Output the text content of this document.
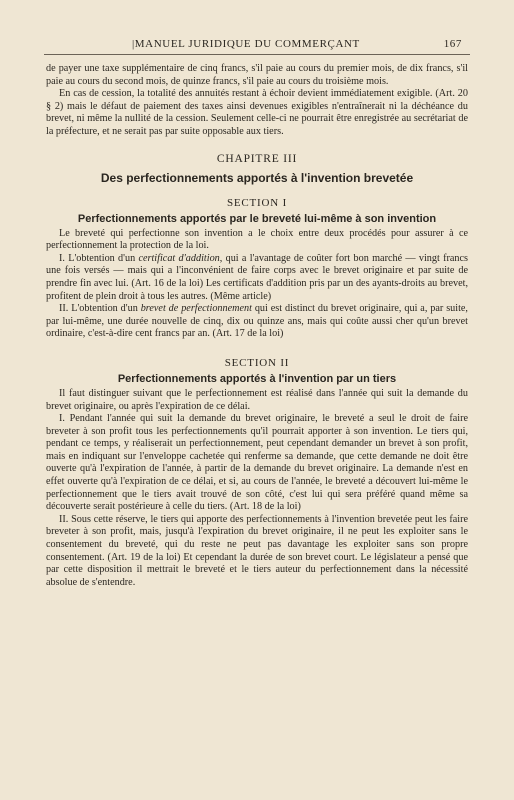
|MANUEL JURIDIQUE DU COMMERÇANT	167

de payer une taxe supplémentaire de cinq francs, s'il paie au cours du premier mois, de dix francs, s'il paie au cours du second mois, de quinze francs, s'il paie au cours du troisième mois.

En cas de cession, la totalité des annuités restant à échoir devient immédiatement exigible. (Art. 20 § 2) mais le défaut de paiement des taxes ainsi devenues exigibles n'entraînerait ni la déchéance du brevet, ni même la nullité de la cession. Seulement celle-ci ne pourrait être enregistrée au secrétariat de la préfecture, et ne serait pas par suite opposable aux tiers.

CHAPITRE III
Des perfectionnements apportés à l'invention brevetée
SECTION I
Perfectionnements apportés par le breveté lui-même à son invention

Le breveté qui perfectionne son invention a le choix entre deux procédés pour assurer à ce perfectionnement la protection de la loi.

I. L'obtention d'un certificat d'addition, qui a l'avantage de coûter fort bon marché — vingt francs une fois versés — mais qui a l'inconvénient de faire corps avec le brevet originaire et par suite de prendre fin avec lui. (Art. 16 de la loi) Les certificats d'addition pris par un des ayants-droits au brevet, profitent de plein droit à tous les autres. (Même article)

II. L'obtention d'un brevet de perfectionnement qui est distinct du brevet originaire, qui a, par suite, par lui-même, une durée nouvelle de cinq, dix ou quinze ans, mais qui coûte aussi cher qu'un brevet ordinaire, c'est-à-dire cent francs par an. (Art. 17 de la loi)

SECTION II
Perfectionnements apportés à l'invention par un tiers

Il faut distinguer suivant que le perfectionnement est réalisé dans l'année qui suit la demande du brevet originaire, ou après l'expiration de ce délai.

I. Pendant l'année qui suit la demande du brevet originaire, le breveté a seul le droit de faire breveter à son profit tous les perfectionnements qu'il pourrait apporter à son invention. Le tiers qui, pendant ce temps, y réaliserait un perfectionnement, peut cependant demander un brevet à son profit, mais en indiquant sur l'enveloppe cachetée qui renferme sa demande, que cette demande ne doit être ouverte qu'à l'expiration de l'année, à partir de la demande du brevet originaire. La demande n'est en effet ouverte qu'à l'expiration de ce délai, et si, au cours de l'année, le breveté a découvert lui-même le perfectionnement que le tiers avait trouvé de son côté, c'est lui qui sera préféré quand même sa découverte serait postérieure à celle du tiers. (Art. 18 de la loi)

II. Sous cette réserve, le tiers qui apporte des perfectionnements à l'invention brevetée peut les faire breveter à son profit, mais, jusqu'à l'expiration du brevet originaire, il ne peut les exploiter sans le consentement du breveté, qui du reste ne peut pas davantage les exploiter sans son propre consentement. (Art. 19 de la loi) Et cependant la durée de son brevet court. Le législateur a pensé que par cette disposition il mettrait le breveté et le tiers auteur du perfectionnement dans la nécessité absolue de s'entendre.
